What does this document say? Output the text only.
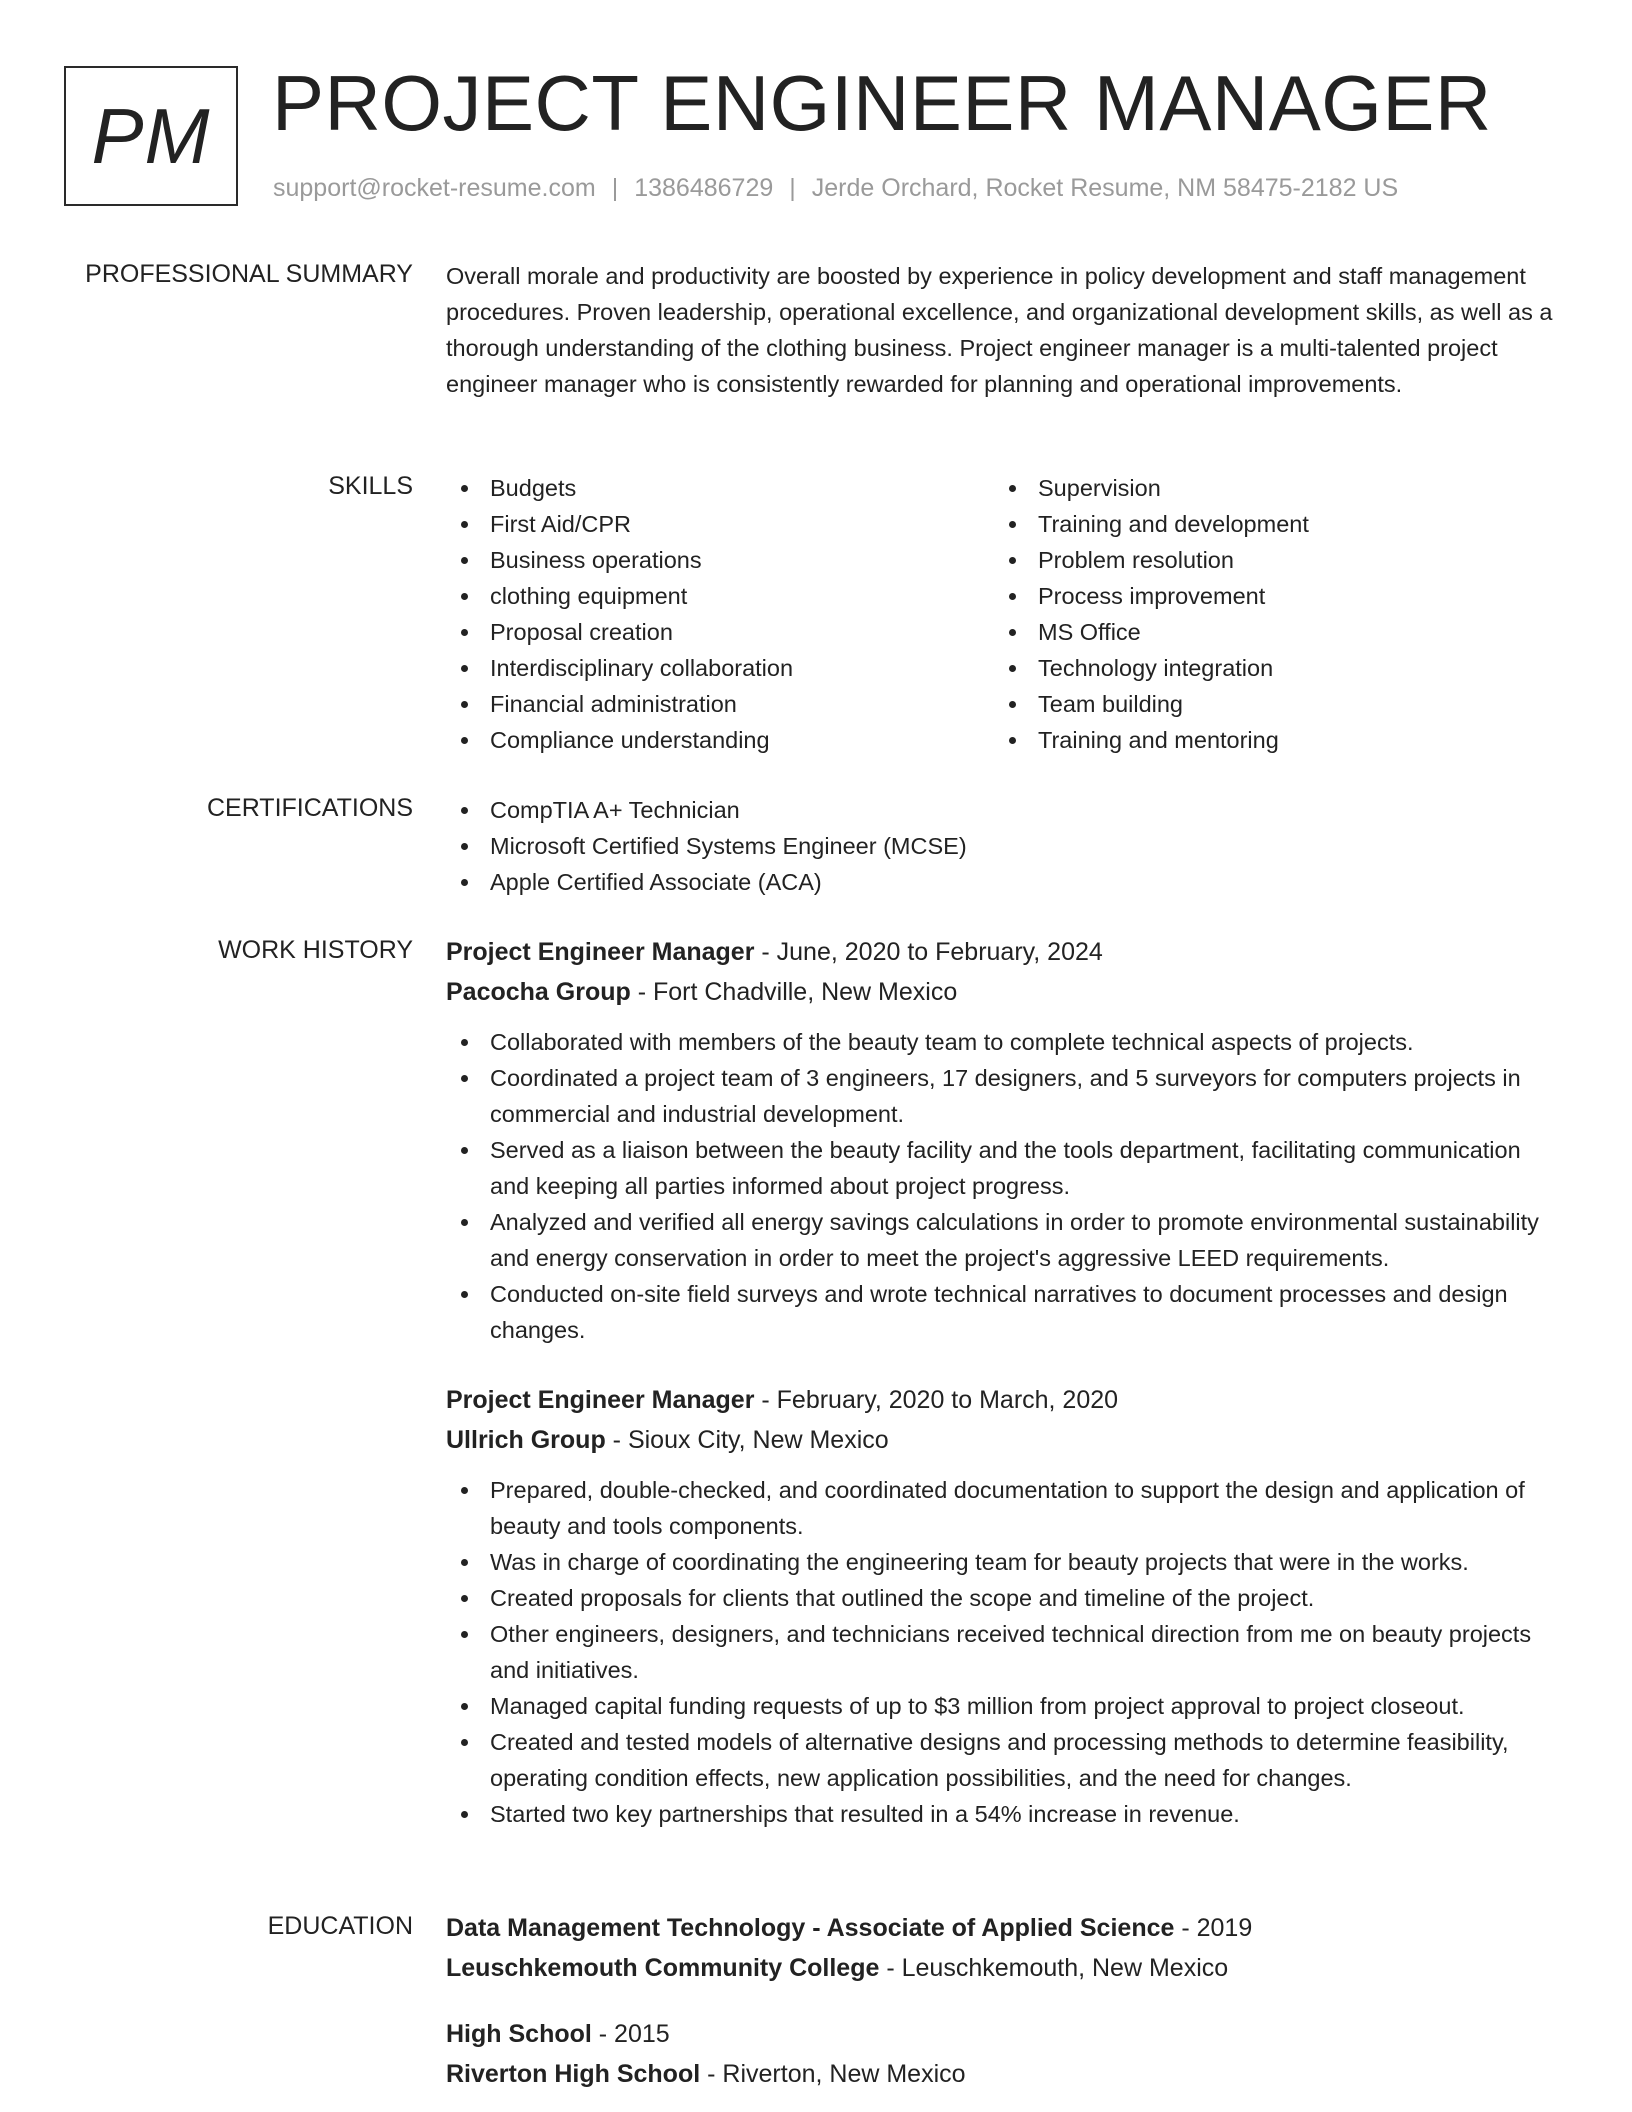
PM PROJECT ENGINEER MANAGER
support@rocket-resume.com | 1386486729 | Jerde Orchard, Rocket Resume, NM 58475-2182 US
PROFESSIONAL SUMMARY Overall morale and productivity are boosted by experience in policy development and staff management procedures. Proven leadership, operational excellence, and organizational development skills, as well as a thorough understanding of the clothing business. Project engineer manager is a multi-talented project engineer manager who is consistently rewarded for planning and operational improvements.
SKILLS	Budgets
First Aid/CPR
Business operations
clothing equipment
Proposal creation
Interdisciplinary collaboration
Financial administration
Compliance understanding
Supervision
Training and development
Problem resolution
Process improvement
MS Office
Technology integration
Team building
Training and mentoring
CERTIFICATIONS	CompTIA A+ Technician
Microsoft Certified Systems Engineer (MCSE)
Apple Certified Associate (ACA)
WORK HISTORY Project Engineer Manager - June, 2020 to February, 2024
Pacocha Group - Fort Chadville, New Mexico
Collaborated with members of the beauty team to complete technical aspects of projects.
Coordinated a project team of 3 engineers, 17 designers, and 5 surveyors for computers projects in commercial and industrial development.
Served as a liaison between the beauty facility and the tools department, facilitating communication and keeping all parties informed about project progress.
Analyzed and verified all energy savings calculations in order to promote environmental sustainability and energy conservation in order to meet the project's aggressive LEED requirements.
Conducted on-site field surveys and wrote technical narratives to document processes and design changes.
Project Engineer Manager - February, 2020 to March, 2020
Ullrich Group - Sioux City, New Mexico
Prepared, double-checked, and coordinated documentation to support the design and application of beauty and tools components.
Was in charge of coordinating the engineering team for beauty projects that were in the works.
Created proposals for clients that outlined the scope and timeline of the project.
Other engineers, designers, and technicians received technical direction from me on beauty projects and initiatives.
Managed capital funding requests of up to $3 million from project approval to project closeout.
Created and tested models of alternative designs and processing methods to determine feasibility, operating condition effects, new application possibilities, and the need for changes.
Started two key partnerships that resulted in a 54% increase in revenue.
EDUCATION Data Management Technology - Associate of Applied Science - 2019
Leuschkemouth Community College - Leuschkemouth, New Mexico
High School - 2015
Riverton High School - Riverton, New Mexico
